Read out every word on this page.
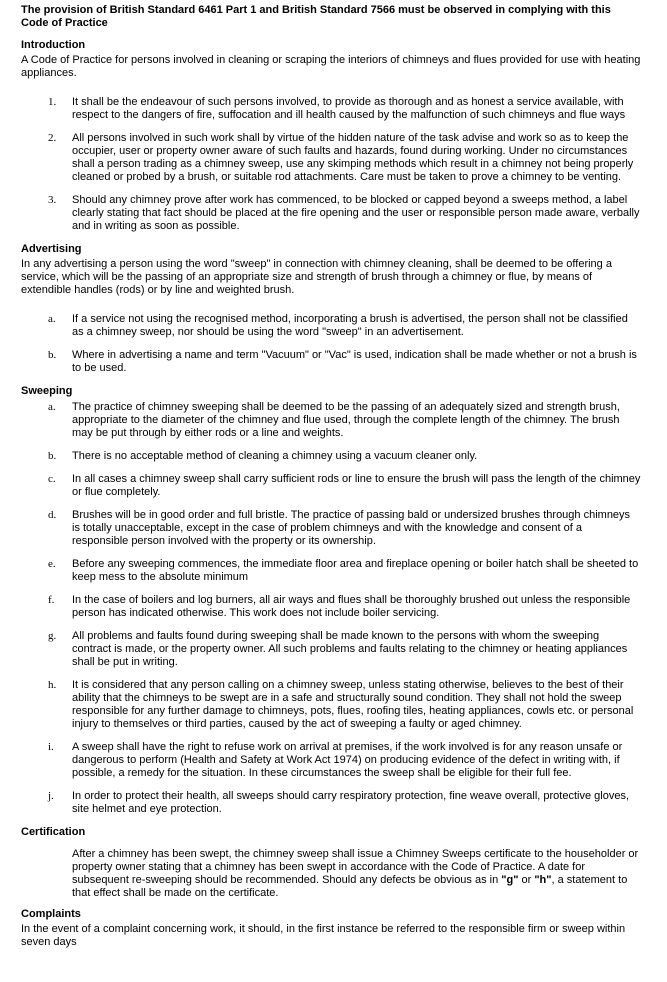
The provision of British Standard 6461 Part 1 and British Standard 7566 must be observed in complying with this Code of Practice

Introduction

A Code of Practice for persons involved in cleaning or scraping the interiors of chimneys and flues provided for use with heating appliances.

1.	It shall be the endeavour of such persons involved, to provide as thorough and as honest a service available, with respect to the dangers of fire, suffocation and ill health caused by the malfunction of such chimneys and flue ways
2.	All persons involved in such work shall by virtue of the hidden nature of the task advise and work so as to keep the occupier, user or property owner aware of such faults and hazards, found during working. Under no circumstances shall a person trading as a chimney sweep, use any skimping methods which result in a chimney not being properly cleaned or probed by a brush, or suitable rod attachments. Care must be taken to prove a chimney to be venting.
3.	Should any chimney prove after work has commenced, to be blocked or capped beyond a sweeps method, a label clearly stating that fact should be placed at the fire opening and the user or responsible person made aware, verbally and in writing as soon as possible.

Advertising

In any advertising a person using the word "sweep" in connection with chimney cleaning, shall be deemed to be offering a service, which will be the passing of an appropriate size and strength of brush through a chimney or flue, by means of extendible handles (rods) or by line and weighted brush.

a.	If a service not using the recognised method, incorporating a brush is advertised, the person shall not be classified as a chimney sweep, nor should be using the word "sweep" in an advertisement.
b.	Where in advertising a name and term "Vacuum" or "Vac" is used, indication shall be made whether or not a brush is to be used.

Sweeping

a.	The practice of chimney sweeping shall be deemed to be the passing of an adequately sized and strength brush, appropriate to the diameter of the chimney and flue used, through the complete length of the chimney. The brush may be put through by either rods or a line and weights.
b.	There is no acceptable method of cleaning a chimney using a vacuum cleaner only.
c.	In all cases a chimney sweep shall carry sufficient rods or line to ensure the brush will pass the length of the chimney or flue completely.
d.	Brushes will be in good order and full bristle. The practice of passing bald or undersized brushes through chimneys is totally unacceptable, except in the case of problem chimneys and with the knowledge and consent of a responsible person involved with the property or its ownership.
e.	Before any sweeping commences, the immediate floor area and fireplace opening or boiler hatch shall be sheeted to keep mess to the absolute minimum
f.	In the case of boilers and log burners, all air ways and flues shall be thoroughly brushed out unless the responsible person has indicated otherwise. This work does not include boiler servicing.
g.	All problems and faults found during sweeping shall be made known to the persons with whom the sweeping contract is made, or the property owner. All such problems and faults relating to the chimney or heating appliances shall be put in writing.
h.	It is considered that any person calling on a chimney sweep, unless stating otherwise, believes to the best of their ability that the chimneys to be swept are in a safe and structurally sound condition. They shall not hold the sweep responsible for any further damage to chimneys, pots, flues, roofing tiles, heating appliances, cowls etc. or personal injury to themselves or third parties, caused by the act of sweeping a faulty or aged chimney.
i.	A sweep shall have the right to refuse work on arrival at premises, if the work involved is for any reason unsafe or dangerous to perform (Health and Safety at Work Act 1974) on producing evidence of the defect in writing with, if possible, a remedy for the situation. In these circumstances the sweep shall be eligible for their full fee.
j.	In order to protect their health, all sweeps should carry respiratory protection, fine weave overall, protective gloves, site helmet and eye protection.

Certification

After a chimney has been swept, the chimney sweep shall issue a Chimney Sweeps certificate to the householder or property owner stating that a chimney has been swept in accordance with the Code of Practice. A date for subsequent re-sweeping should be recommended. Should any defects be obvious as in "g" or "h", a statement to that effect shall be made on the certificate.

Complaints

In the event of a complaint concerning work, it should, in the first instance be referred to the responsible firm or sweep within seven days
